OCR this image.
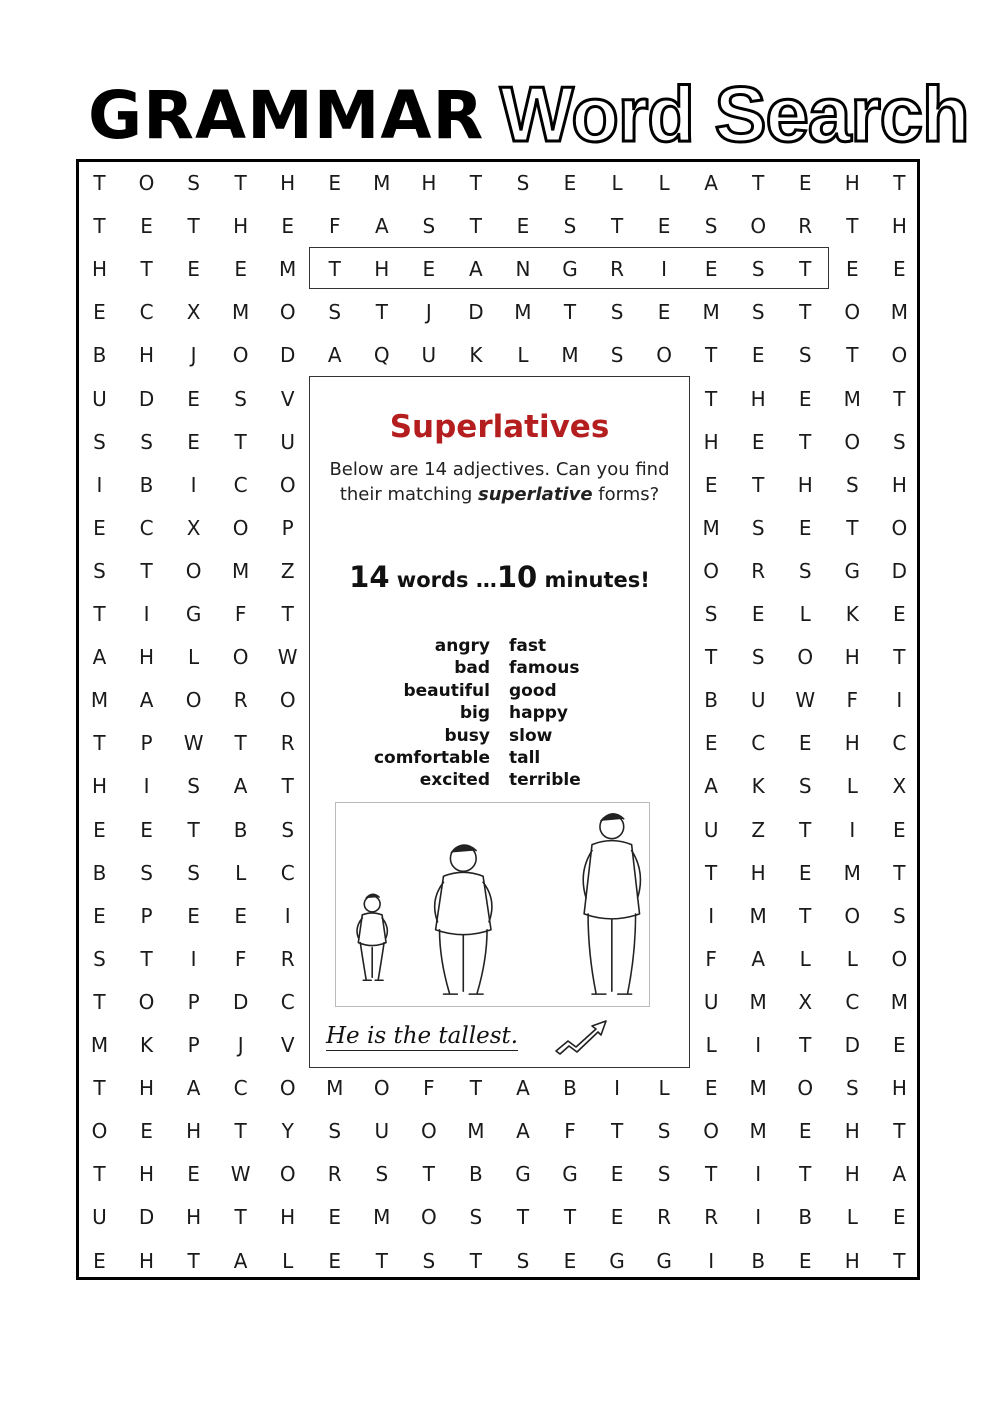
GRAMMAR Word Search
T	O	S	T	H	E	M	H	T	S	E	L	L	A	T	E	H	T
T	E	T	H	E	F	A	S	T	E	S	T	E	S	O	R	T	H
H	T	E	E	M	T	H	E	A	N	G	R	I	E	S	T	E	E
E	C	X	M	O	S	T	J	D	M	T	S	E	M	S	T	O	M
B	H	J	O	D	A	Q	U	K	L	M	S	O	T	E	S	T	O
U	D	E	S	V	T	H	E	M	T
S	S	E	T	U	H	E	T	O	S
I	B	I	C	O	E	T	H	S	H
E	C	X	O	P	M	S	E	T	O
S	T	O	M	Z	O	R	S	G	D
T	I	G	F	T	S	E	L	K	E
A	H	L	O	W	T	S	O	H	T
M	A	O	R	O	B	U	W	F	I
T	P	W	T	R	E	C	E	H	C
H	I	S	A	T	A	K	S	L	X
E	E	T	B	S	U	Z	T	I	E
B	S	S	L	C	T	H	E	M	T
E	P	E	E	I	I	M	T	O	S
S	T	I	F	R	F	A	L	L	O
T	O	P	D	C	U	M	X	C	M
M	K	P	J	V	L	I	T	D	E
T	H	A	C	O	M	O	F	T	A	B	I	L	E	M	O	S	H
O	E	H	T	Y	S	U	O	M	A	F	T	S	O	M	E	H	T
T	H	E	W	O	R	S	T	B	G	G	E	S	T	I	T	H	A
U	D	H	T	H	E	M	O	S	T	T	E	R	R	I	B	L	E
E	H	T	A	L	E	T	S	T	S	E	G	G	I	B	E	H	T
Superlatives
Below are 14 adjectives. Can you find their matching superlative forms?
14 words …10 minutes!
angry
bad
beautiful
big
busy
comfortable
excited
fast
famous
good
happy
slow
tall
terrible
He is the tallest.
